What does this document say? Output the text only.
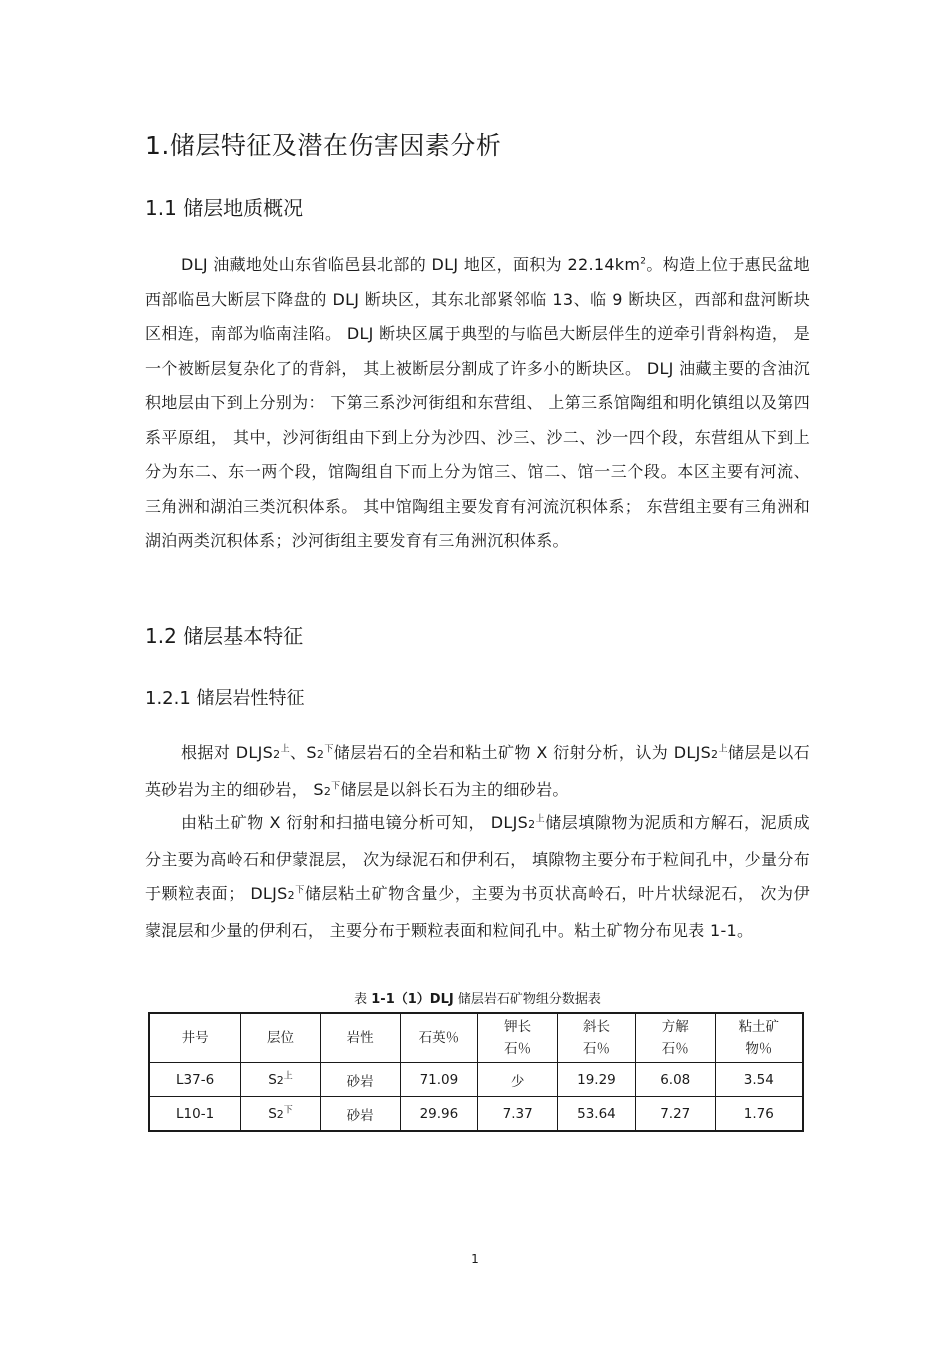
1.储层特征及潜在伤害因素分析
1.1 储层地质概况

DLJ 油藏地处山东省临邑县北部的 DLJ 地区，面积为 $22.14km^2$。构造上位于惠民盆地西部临邑大断层下降盘的 DLJ 断块区，其东北部紧邻临 13、临 9 断块区，西部和盘河断块区相连，南部为临南洼陷。 DLJ 断块区属于典型的与临邑大断层伴生的逆牵引背斜构造， 是一个被断层复杂化了的背斜， 其上被断层分割成了许多小的断块区。 DLJ 油藏主要的含油沉积地层由下到上分别为： 下第三系沙河街组和东营组、 上第三系馆陶组和明化镇组以及第四系平原组， 其中，沙河街组由下到上分为沙四、沙三、沙二、沙一四个段，东营组从下到上分为东二、东一两个段，馆陶组自下而上分为馆三、馆二、馆一三个段。本区主要有河流、三角洲和湖泊三类沉积体系。 其中馆陶组主要发育有河流沉积体系； 东营组主要有三角洲和湖泊两类沉积体系；沙河街组主要发育有三角洲沉积体系。

1.2 储层基本特征
1.2.1 储层岩性特征

根据对 $DLJS2^上$、$S2^下$储层岩石的全岩和粘土矿物 X 衍射分析，认为 $DLJS2^上$储层是以石英砂岩为主的细砂岩， $S2^下$储层是以斜长石为主的细砂岩。

由粘土矿物 X 衍射和扫描电镜分析可知， $DLJS2^上$储层填隙物为泥质和方解石，泥质成分主要为高岭石和伊蒙混层， 次为绿泥石和伊利石， 填隙物主要分布于粒间孔中，少量分布于颗粒表面； $DLJS2^下$储层粘土矿物含量少，主要为书页状高岭石，叶片状绿泥石， 次为伊蒙混层和少量的伊利石， 主要分布于颗粒表面和粒间孔中。粘土矿物分布见表 1-1。

表 1-1（1）DLJ 储层岩石矿物组分数据表
井号	层位	岩性	石英％	钾长石％	斜长石％	方解石％	粘土矿物％
L37-6	$S2^上$	砂岩	71.09	少	19.29	6.08	3.54
L10-1	$S2^下$	砂岩	29.96	7.37	53.64	7.27	1.76
1
